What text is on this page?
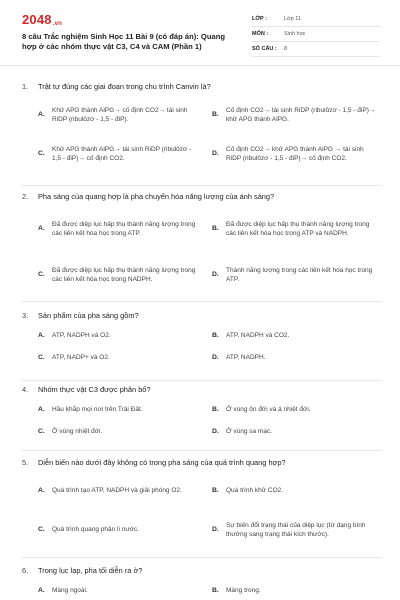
2048.vn
8 câu Trắc nghiệm Sinh Học 11 Bài 9 (có đáp án): Quang hợp ở các nhóm thực vật C3, C4 và CAM (Phần 1)
LỚP :	Lớp 11
MÔN :	Sinh học
SỐ CÂU :	8
1.	Trật tự đúng các giai đoạn trong chu trình Canvin là?
A.
Khử APG thành AlPG→ cố định CO2→ tái sinh RiDP (ribulôzơ - 1,5 - điP).
B.
Cố định CO2→ tái sinh RiDP (ribulôzơ - 1,5 - điP)→ khử APG thành AlPG.
C.
Khử APG thành AlPG→ tái sinh RiDP (ribulôzơ - 1,5 - điP)→ cố định CO2.
D.
Cố định CO2→ khử APG thành AlPG → tái sinh RiDP (ribulôzơ - 1,5 - điP)→ cố định CO2.
2.	Pha sáng của quang hợp là pha chuyển hóa năng lượng của ánh sáng?
A.
Đã được diệp lục hấp thụ thành năng lượng trong các liên kết hóa học trong ATP.
B.
Đã được diệp lục hấp thụ thành năng lượng trong các liên kết hóa học trong ATP và NADPH.
C.
Đã được diệp lục hấp thụ thành năng lượng trong các liên kết hóa học trong NADPH.
D.
Thành năng lượng trong các liên kết hóa học trong ATP.
3.	Sản phẩm của pha sáng gồm?
A.	ATP, NADPH và O2.	B.	ATP, NADPH và CO2.
C.	ATP, NADP+ và O2.	D.	ATP, NADPH.
4.	Nhóm thực vật C3 được phân bố?
A.	Hầu khắp mọi nơi trên Trái Đất.	B.	Ở vùng ôn đới và á nhiệt đới.
C.	Ở vùng nhiệt đới.	D.	Ở vùng sa mạc.
5.	Diễn biến nào dưới đây không có trong pha sáng của quá trình quang hợp?
A.	Quá trình tạo ATP, NADPH và giải phóng O2.	B.	Quá trình khử CO2.
C.	Quá trình quang phân li nước.	D.
Sự biến đổi trạng thái của diệp lục (từ dạng bình thường sang trạng thái kích thước).
6.	Trong lục lạp, pha tối diễn ra ở?
A.	Màng ngoài.	B.	Màng trong.
